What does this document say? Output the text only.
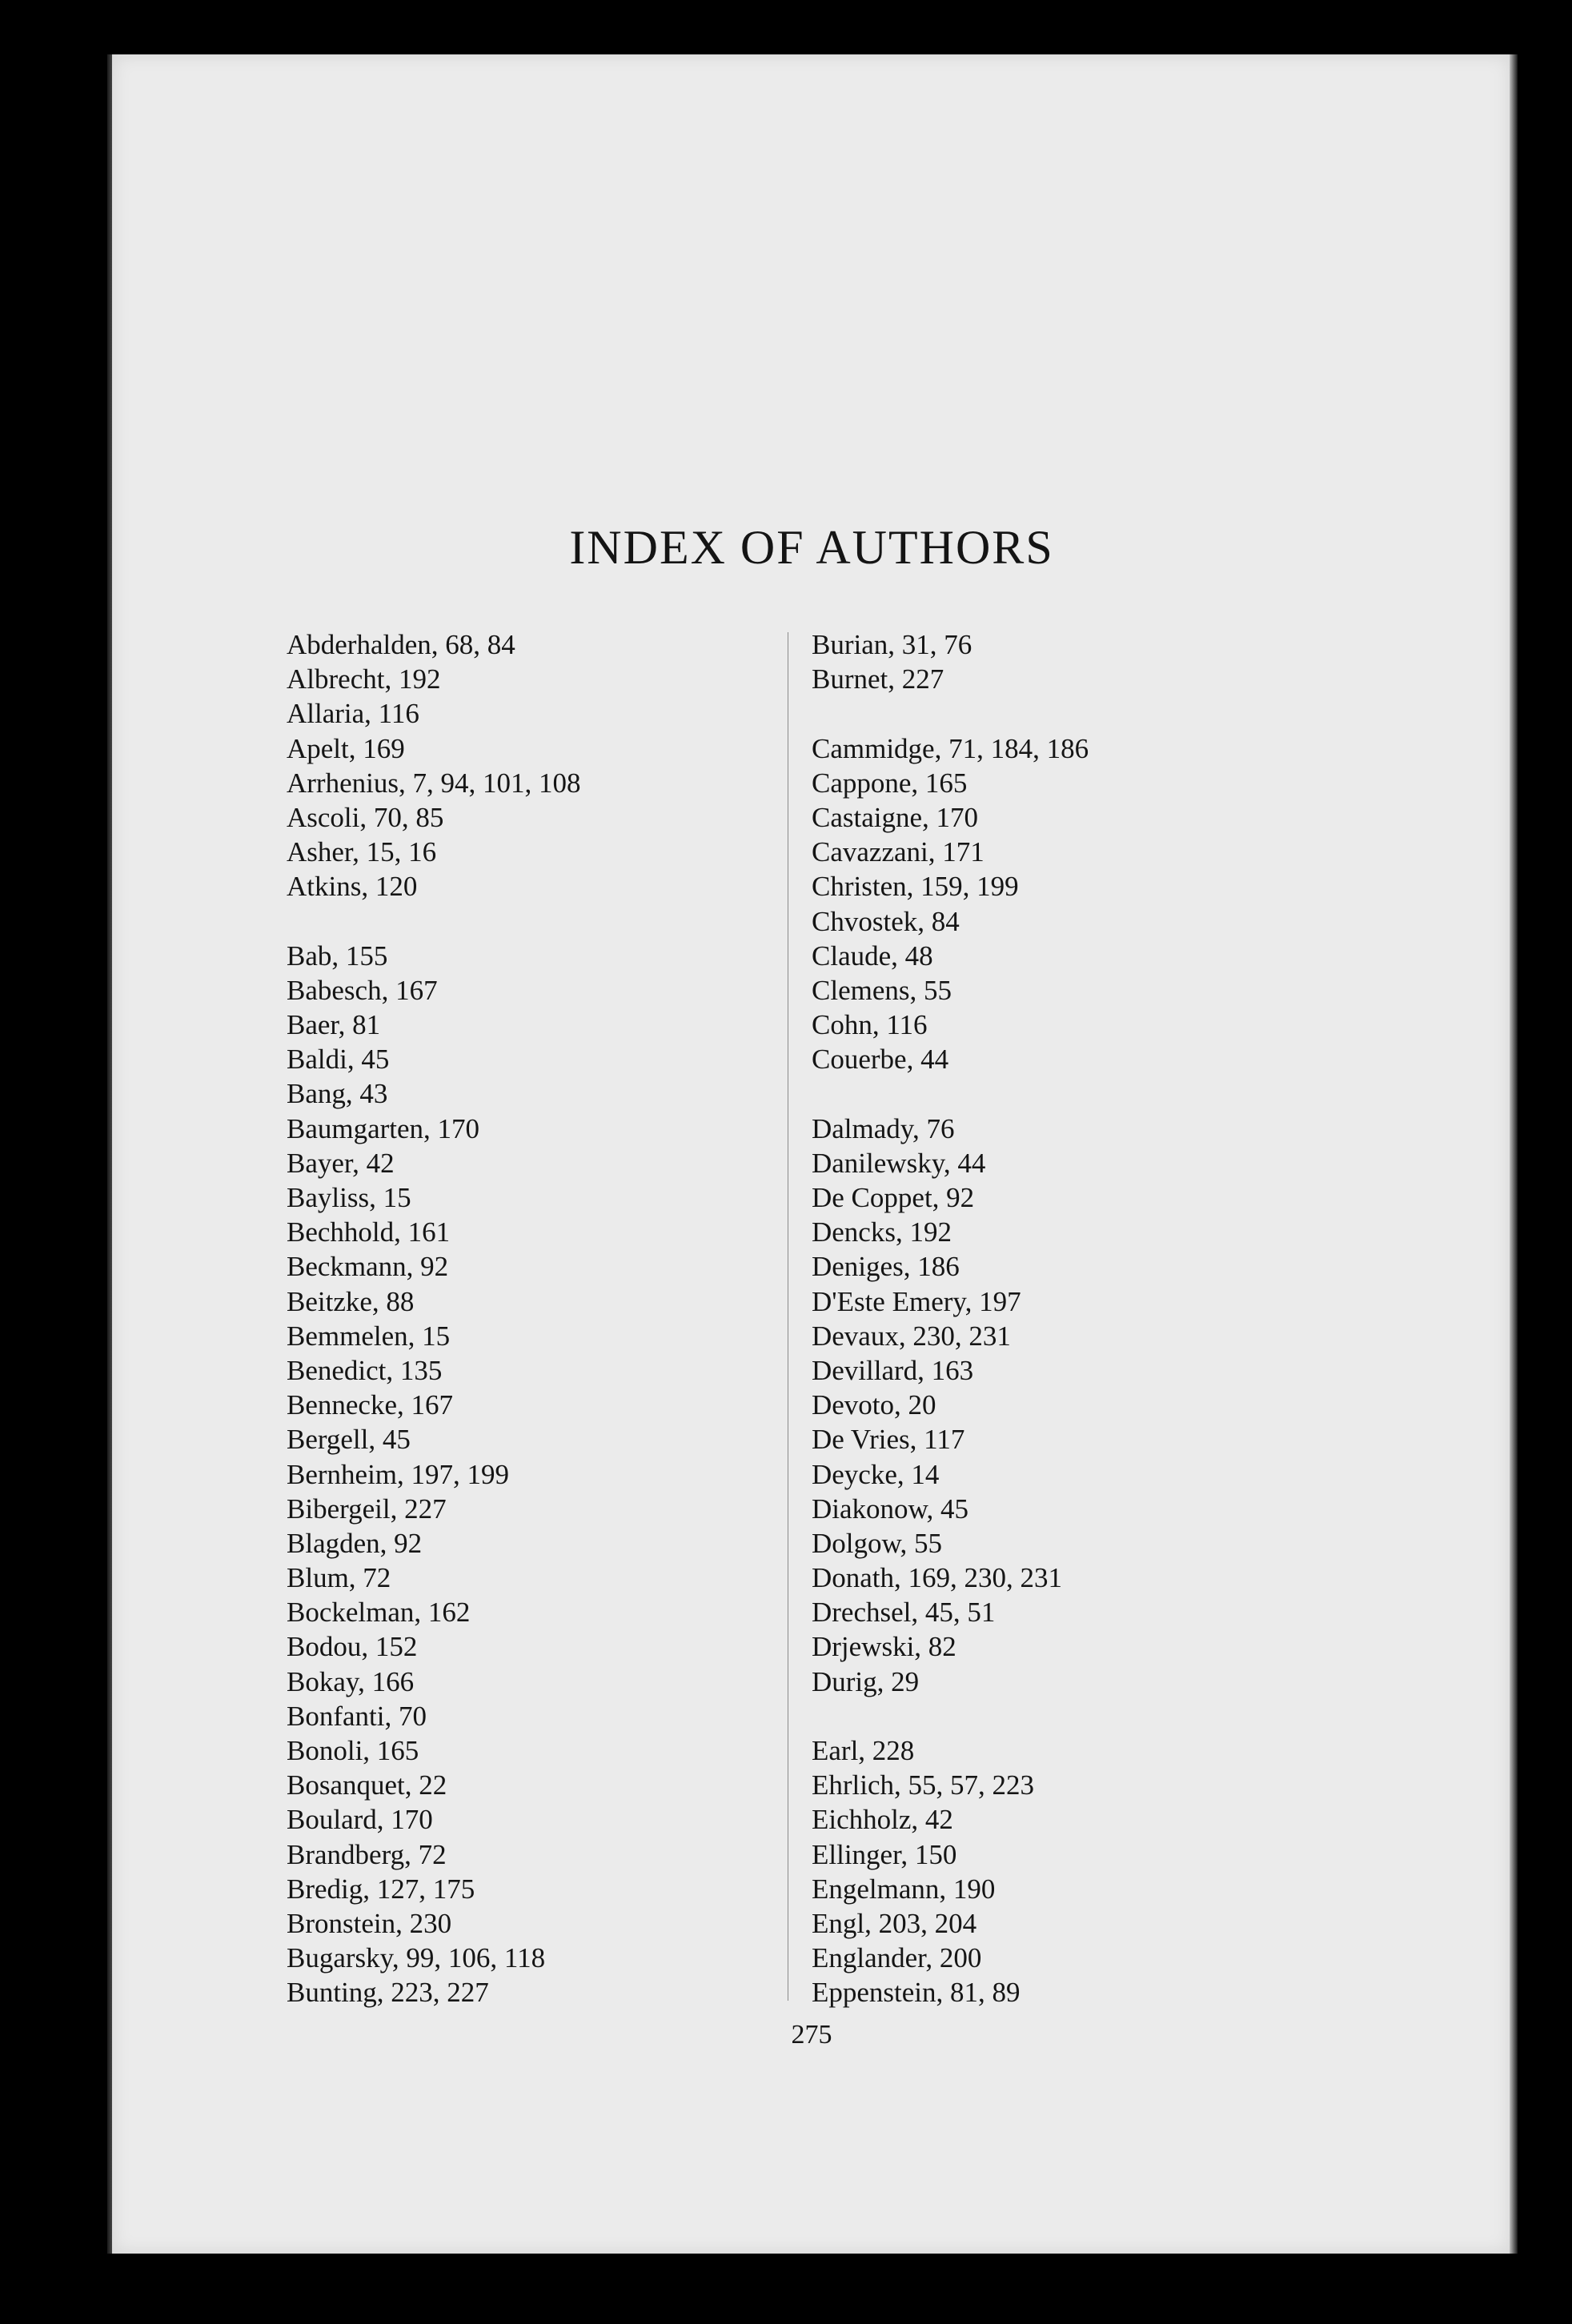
INDEX OF AUTHORS
Abderhalden, 68, 84
Albrecht, 192
Allaria, 116
Apelt, 169
Arrhenius, 7, 94, 101, 108
Ascoli, 70, 85
Asher, 15, 16
Atkins, 120
Bab, 155
Babesch, 167
Baer, 81
Baldi, 45
Bang, 43
Baumgarten, 170
Bayer, 42
Bayliss, 15
Bechhold, 161
Beckmann, 92
Beitzke, 88
Bemmelen, 15
Benedict, 135
Bennecke, 167
Bergell, 45
Bernheim, 197, 199
Bibergeil, 227
Blagden, 92
Blum, 72
Bockelman, 162
Bodou, 152
Bokay, 166
Bonfanti, 70
Bonoli, 165
Bosanquet, 22
Boulard, 170
Brandberg, 72
Bredig, 127, 175
Bronstein, 230
Bugarsky, 99, 106, 118
Bunting, 223, 227
Burian, 31, 76
Burnet, 227
Cammidge, 71, 184, 186
Cappone, 165
Castaigne, 170
Cavazzani, 171
Christen, 159, 199
Chvostek, 84
Claude, 48
Clemens, 55
Cohn, 116
Couerbe, 44
Dalmady, 76
Danilewsky, 44
De Coppet, 92
Dencks, 192
Deniges, 186
D'Este Emery, 197
Devaux, 230, 231
Devillard, 163
Devoto, 20
De Vries, 117
Deycke, 14
Diakonow, 45
Dolgow, 55
Donath, 169, 230, 231
Drechsel, 45, 51
Drjewski, 82
Durig, 29
Earl, 228
Ehrlich, 55, 57, 223
Eichholz, 42
Ellinger, 150
Engelmann, 190
Engl, 203, 204
Englander, 200
Eppenstein, 81, 89
275
